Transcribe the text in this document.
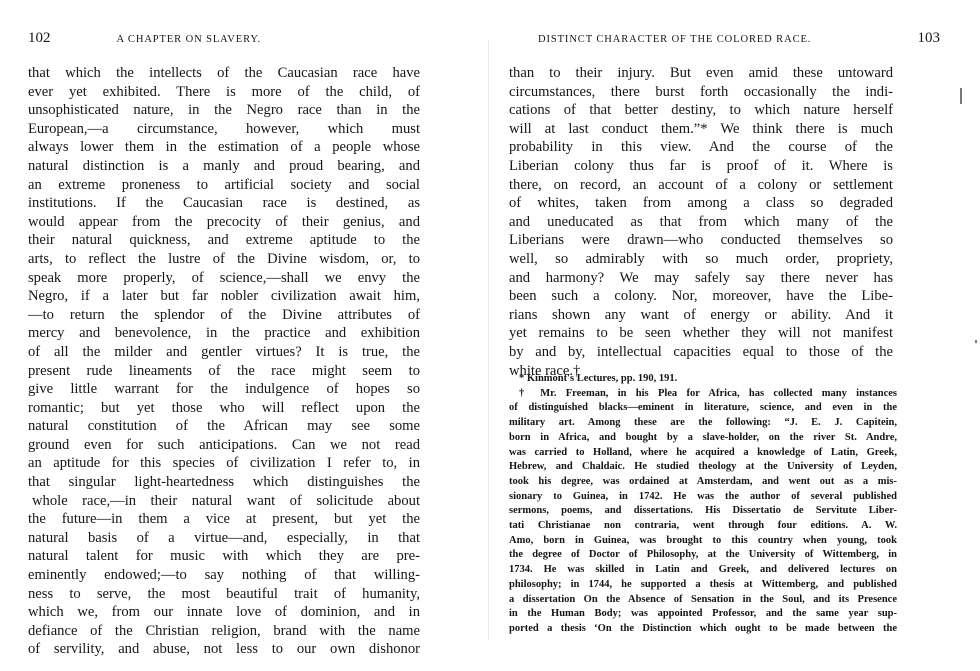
102	A CHAPTER ON SLAVERY.
that which the intellects of the Caucasian race have
ever yet exhibited. There is more of the child, of
unsophisticated nature, in the Negro race than in the
European,—a circumstance, however, which must
always lower them in the estimation of a people whose
natural distinction is a manly and proud bearing, and
an extreme proneness to artificial society and social
institutions. If the Caucasian race is destined, as
would appear from the precocity of their genius, and
their natural quickness, and extreme aptitude to the
arts, to reflect the lustre of the Divine wisdom, or, to
speak more properly, of science,—shall we envy the
Negro, if a later but far nobler civilization await him,
—to return the splendor of the Divine attributes of
mercy and benevolence, in the practice and exhibition
of all the milder and gentler virtues? It is true, the
present rude lineaments of the race might seem to
give little warrant for the indulgence of hopes so
romantic; but yet those who will reflect upon the
natural constitution of the African may see some
ground even for such anticipations. Can we not read
an aptitude for this species of civilization I refer to, in
that singular light-heartedness which distinguishes the
whole race,—in their natural want of solicitude about
the future—in them a vice at present, but yet the
natural basis of a virtue—and, especially, in that
natural talent for music with which they are pre-
eminently endowed;—to say nothing of that willing-
ness to serve, the most beautiful trait of humanity,
which we, from our innate love of dominion, and in
defiance of the Christian religion, brand with the name
of servility, and abuse, not less to our own dishonor
DISTINCT CHARACTER OF THE COLORED RACE.	103
than to their injury. But even amid these untoward
circumstances, there burst forth occasionally the indi-
cations of that better destiny, to which nature herself
will at last conduct them.”* We think there is much
probability in this view. And the course of the
Liberian colony thus far is proof of it. Where is
there, on record, an account of a colony or settlement
of whites, taken from among a class so degraded
and uneducated as that from which many of the
Liberians were drawn—who conducted themselves so
well, so admirably with so much order, propriety,
and harmony? We may safely say there never has
been such a colony. Nor, moreover, have the Libe-
rians shown any want of energy or ability. And it
yet remains to be seen whether they will not manifest
by and by, intellectual capacities equal to those of the
white race.†
* Kinmont's Lectures, pp. 190, 191.
† Mr. Freeman, in his Plea for Africa, has collected many instances
of distinguished blacks—eminent in literature, science, and even in the
military art. Among these are the following: “J. E. J. Capitein,
born in Africa, and bought by a slave-holder, on the river St. Andre,
was carried to Holland, where he acquired a knowledge of Latin, Greek,
Hebrew, and Chaldaic. He studied theology at the University of Leyden,
took his degree, was ordained at Amsterdam, and went out as a mis-
sionary to Guinea, in 1742. He was the author of several published
sermons, poems, and dissertations. His Dissertatio de Servitute Liber-
tati Christianae non contraria, went through four editions. A. W.
Amo, born in Guinea, was brought to this country when young, took
the degree of Doctor of Philosophy, at the University of Wittemberg, in
1734. He was skilled in Latin and Greek, and delivered lectures on
philosophy; in 1744, he supported a thesis at Wittemberg, and published
a dissertation On the Absence of Sensation in the Soul, and its Presence
in the Human Body; was appointed Professor, and the same year sup-
ported a thesis ‘On the Distinction which ought to be made between the
